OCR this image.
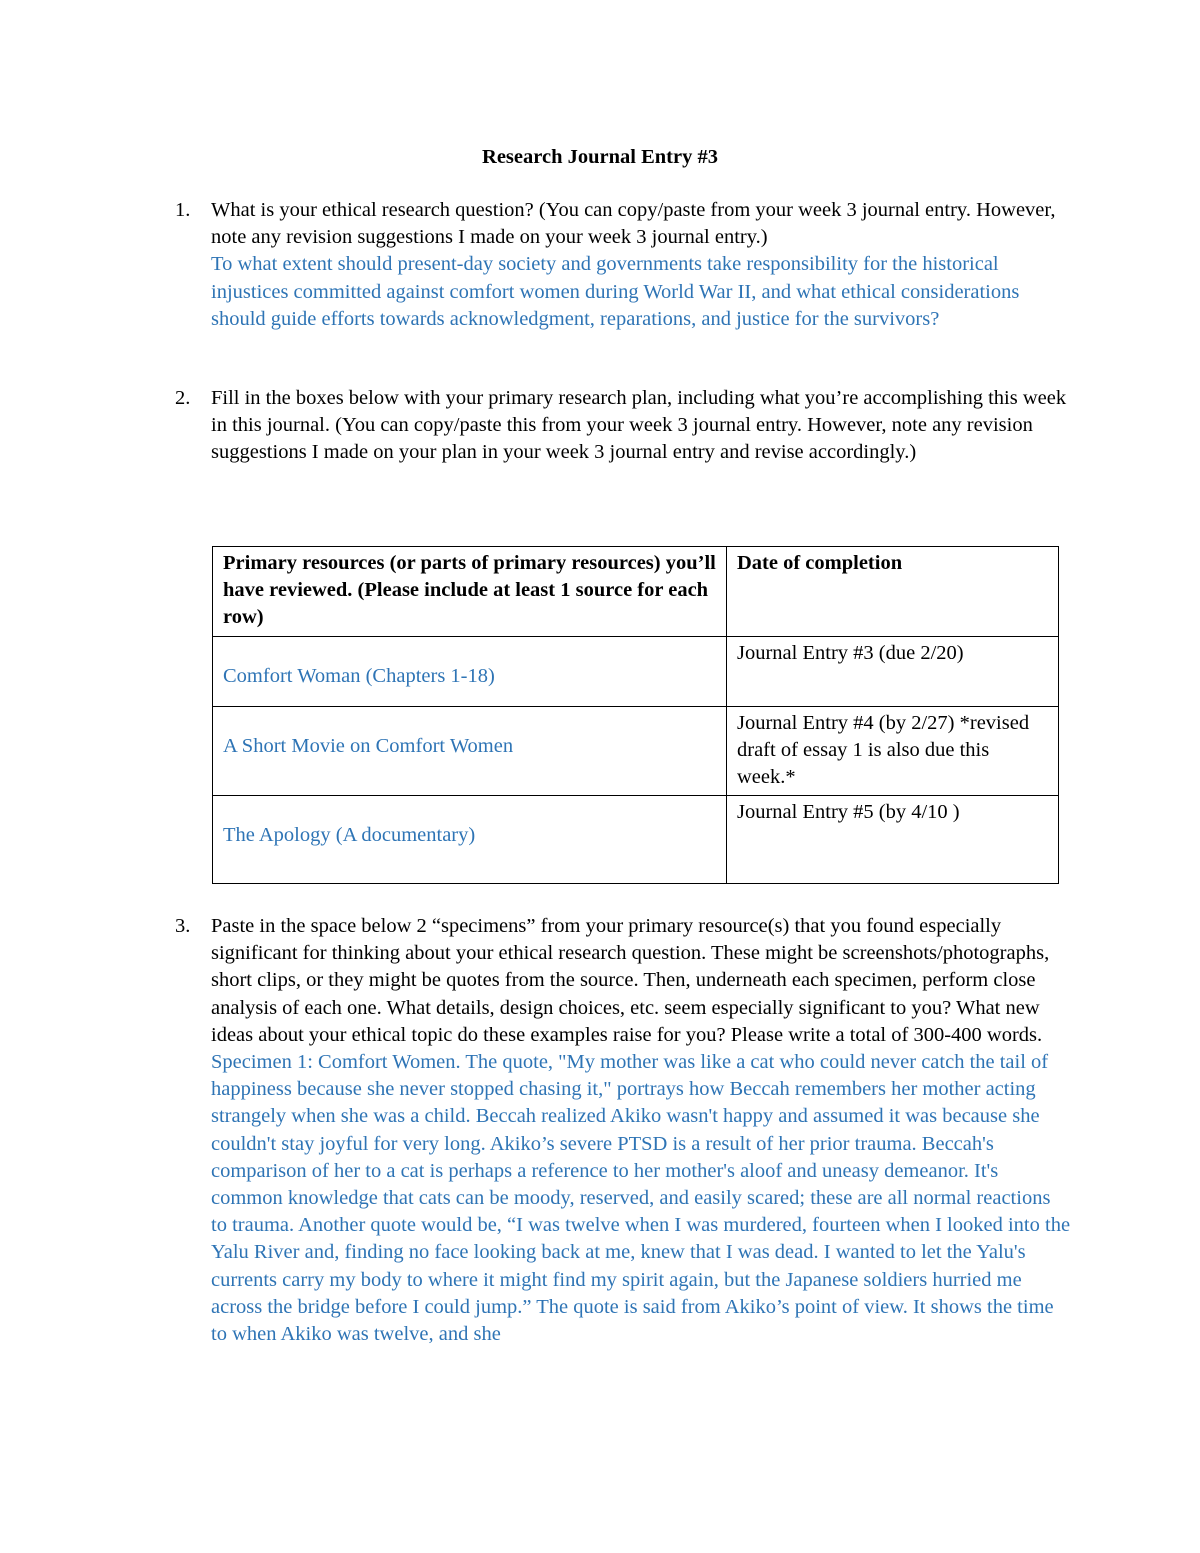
Research Journal Entry #3
1. What is your ethical research question? (You can copy/paste from your week 3 journal entry. However, note any revision suggestions I made on your week 3 journal entry.)
To what extent should present-day society and governments take responsibility for the historical injustices committed against comfort women during World War II, and what ethical considerations should guide efforts towards acknowledgment, reparations, and justice for the survivors?
2. Fill in the boxes below with your primary research plan, including what you’re accomplishing this week in this journal. (You can copy/paste this from your week 3 journal entry. However, note any revision suggestions I made on your plan in your week 3 journal entry and revise accordingly.)
Primary resources (or parts of primary resources) you’ll have reviewed. (Please include at least 1 source for each row)	Date of completion
Comfort Woman (Chapters 1-18)	Journal Entry #3 (due 2/20)
A Short Movie on Comfort Women	Journal Entry #4 (by 2/27) *revised draft of essay 1 is also due this week.*
The Apology (A documentary)	Journal Entry #5 (by 4/10 )
3. Paste in the space below 2 “specimens” from your primary resource(s) that you found especially significant for thinking about your ethical research question. These might be screenshots/photographs, short clips, or they might be quotes from the source. Then, underneath each specimen, perform close analysis of each one. What details, design choices, etc. seem especially significant to you? What new ideas about your ethical topic do these examples raise for you? Please write a total of 300-400 words.
Specimen 1: Comfort Women. The quote, "My mother was like a cat who could never catch the tail of happiness because she never stopped chasing it," portrays how Beccah remembers her mother acting strangely when she was a child. Beccah realized Akiko wasn't happy and assumed it was because she couldn't stay joyful for very long. Akiko’s severe PTSD is a result of her prior trauma. Beccah's comparison of her to a cat is perhaps a reference to her mother's aloof and uneasy demeanor. It's common knowledge that cats can be moody, reserved, and easily scared; these are all normal reactions to trauma. Another quote would be, “I was twelve when I was murdered, fourteen when I looked into the Yalu River and, finding no face looking back at me, knew that I was dead. I wanted to let the Yalu's currents carry my body to where it might find my spirit again, but the Japanese soldiers hurried me across the bridge before I could jump.” The quote is said from Akiko’s point of view. It shows the time to when Akiko was twelve, and she
